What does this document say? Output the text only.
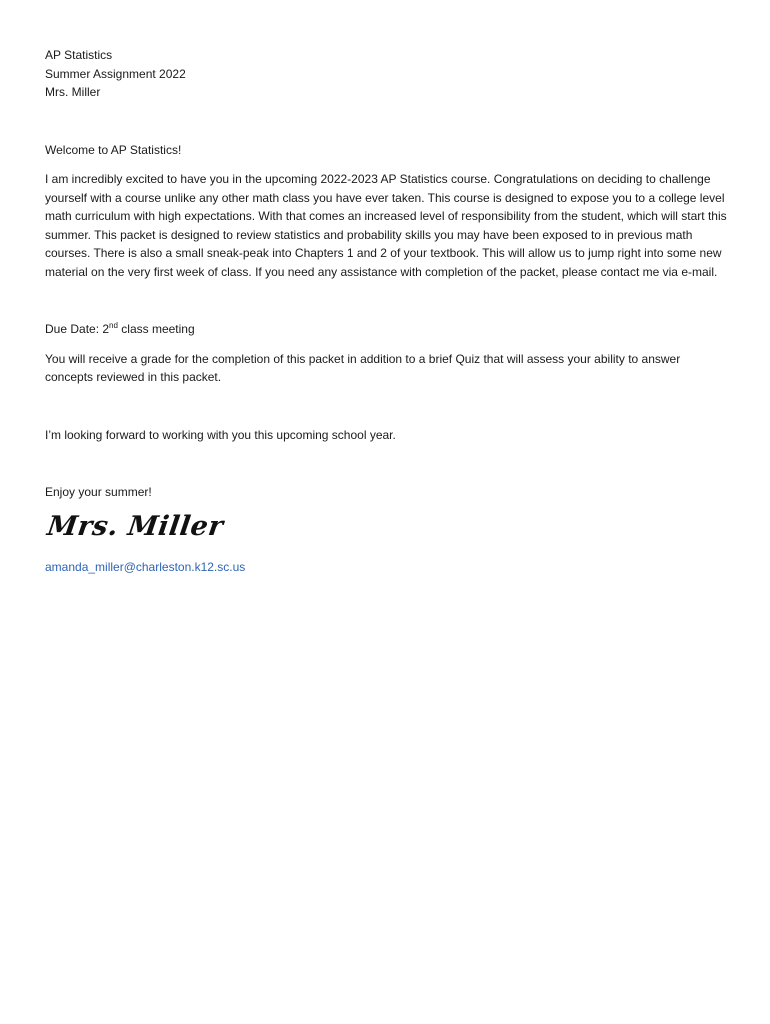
AP Statistics
Summer Assignment 2022
Mrs. Miller

Welcome to AP Statistics!

I am incredibly excited to have you in the upcoming 2022-2023 AP Statistics course. Congratulations on deciding to challenge yourself with a course unlike any other math class you have ever taken. This course is designed to expose you to a college level math curriculum with high expectations. With that comes an increased level of responsibility from the student, which will start this summer. This packet is designed to review statistics and probability skills you may have been exposed to in previous math courses. There is also a small sneak-peak into Chapters 1 and 2 of your textbook. This will allow us to jump right into some new material on the very first week of class. If you need any assistance with completion of the packet, please contact me via e-mail.

Due Date: 2nd class meeting

You will receive a grade for the completion of this packet in addition to a brief Quiz that will assess your ability to answer concepts reviewed in this packet.

I’m looking forward to working with you this upcoming school year.

Enjoy your summer!

Mrs. Miller
amanda_miller@charleston.k12.sc.us
